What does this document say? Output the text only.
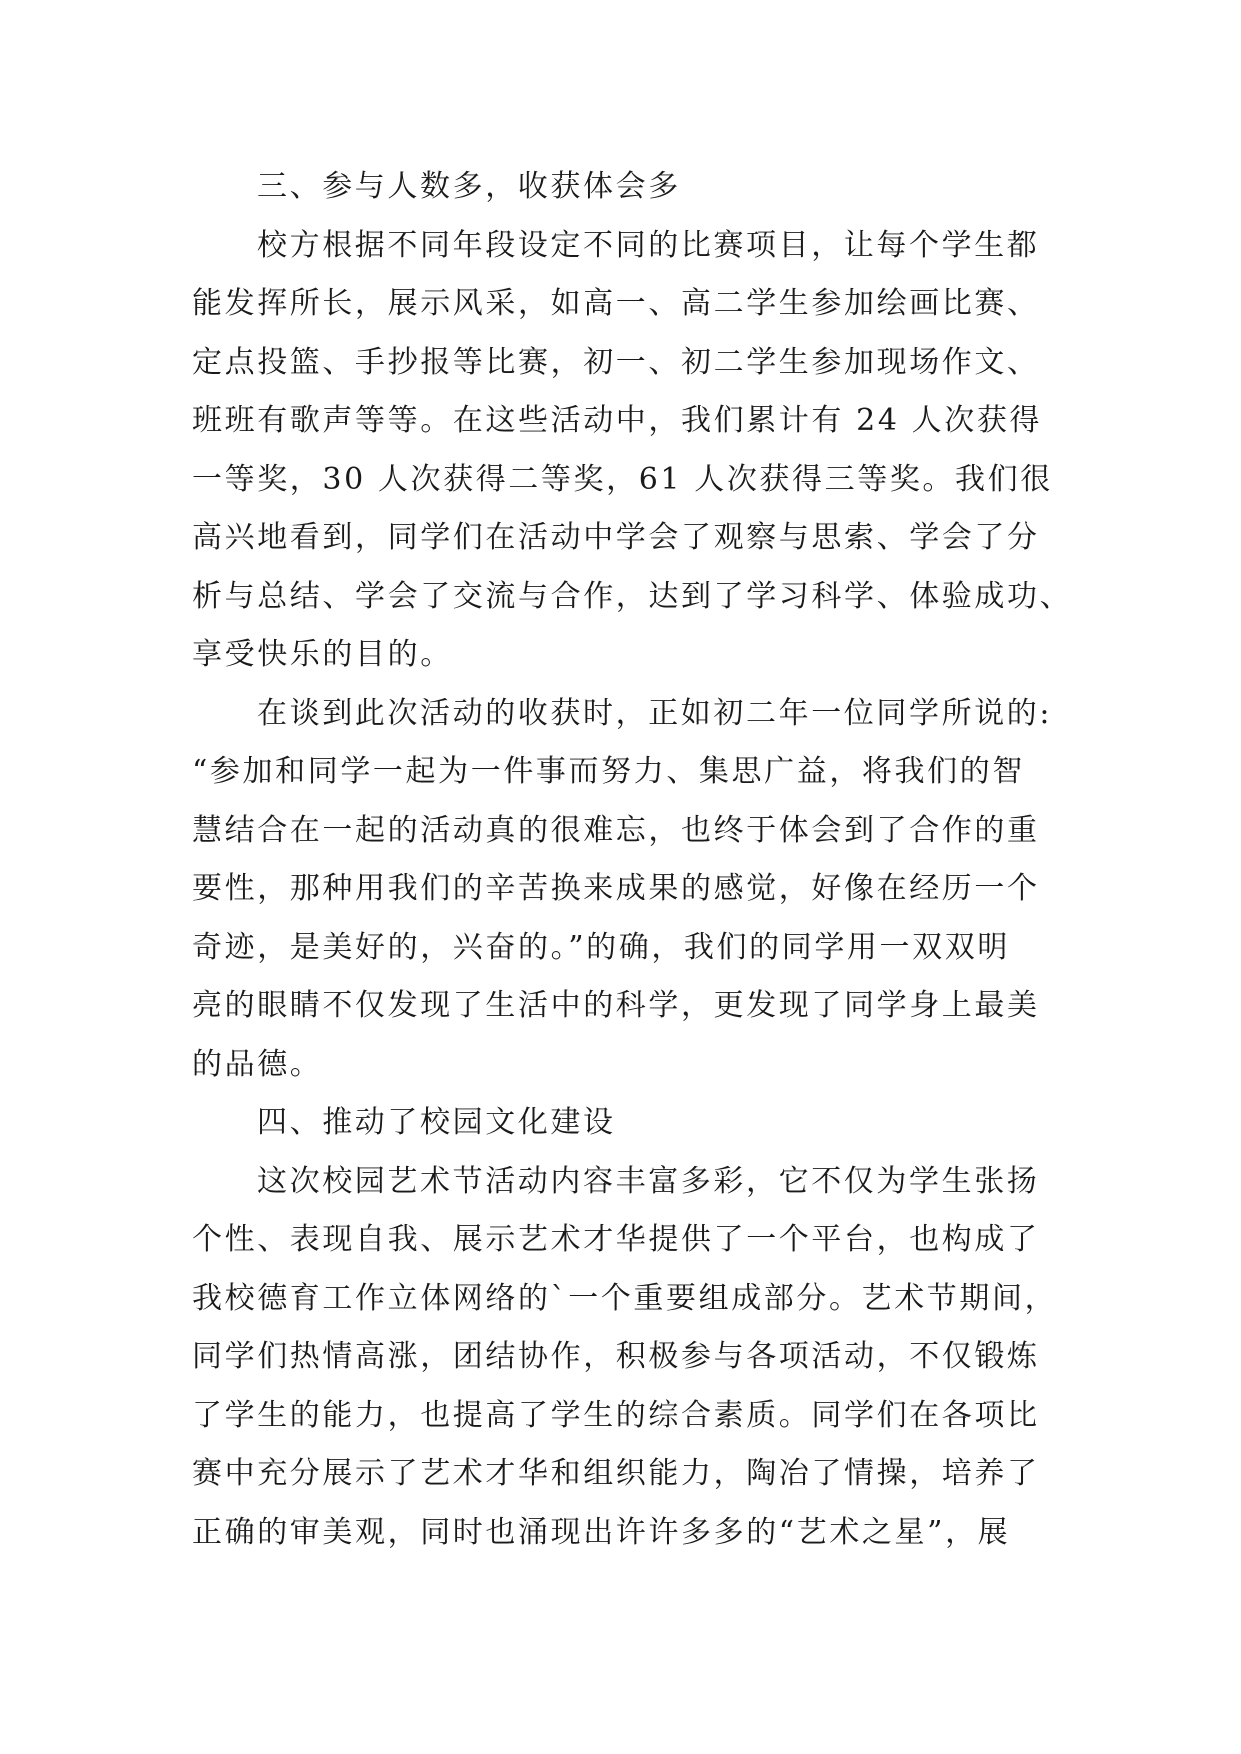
三、参与人数多，收获体会多
校方根据不同年段设定不同的比赛项目，让每个学生都
能发挥所长，展示风采，如高一、高二学生参加绘画比赛、
定点投篮、手抄报等比赛，初一、初二学生参加现场作文、
班班有歌声等等。在这些活动中，我们累计有 24 人次获得
一等奖，30 人次获得二等奖，61 人次获得三等奖。我们很
高兴地看到，同学们在活动中学会了观察与思索、学会了分
析与总结、学会了交流与合作，达到了学习科学、体验成功、
享受快乐的目的。
在谈到此次活动的收获时，正如初二年一位同学所说的:
“参加和同学一起为一件事而努力、集思广益，将我们的智
慧结合在一起的活动真的很难忘，也终于体会到了合作的重
要性，那种用我们的辛苦换来成果的感觉，好像在经历一个
奇迹，是美好的，兴奋的。”的确，我们的同学用一双双明
亮的眼睛不仅发现了生活中的科学，更发现了同学身上最美
的品德。
四、推动了校园文化建设
这次校园艺术节活动内容丰富多彩，它不仅为学生张扬
个性、表现自我、展示艺术才华提供了一个平台，也构成了
我校德育工作立体网络的`一个重要组成部分。艺术节期间，
同学们热情高涨，团结协作，积极参与各项活动，不仅锻炼
了学生的能力，也提高了学生的综合素质。同学们在各项比
赛中充分展示了艺术才华和组织能力，陶冶了情操，培养了
正确的审美观，同时也涌现出许许多多的“艺术之星”，展
